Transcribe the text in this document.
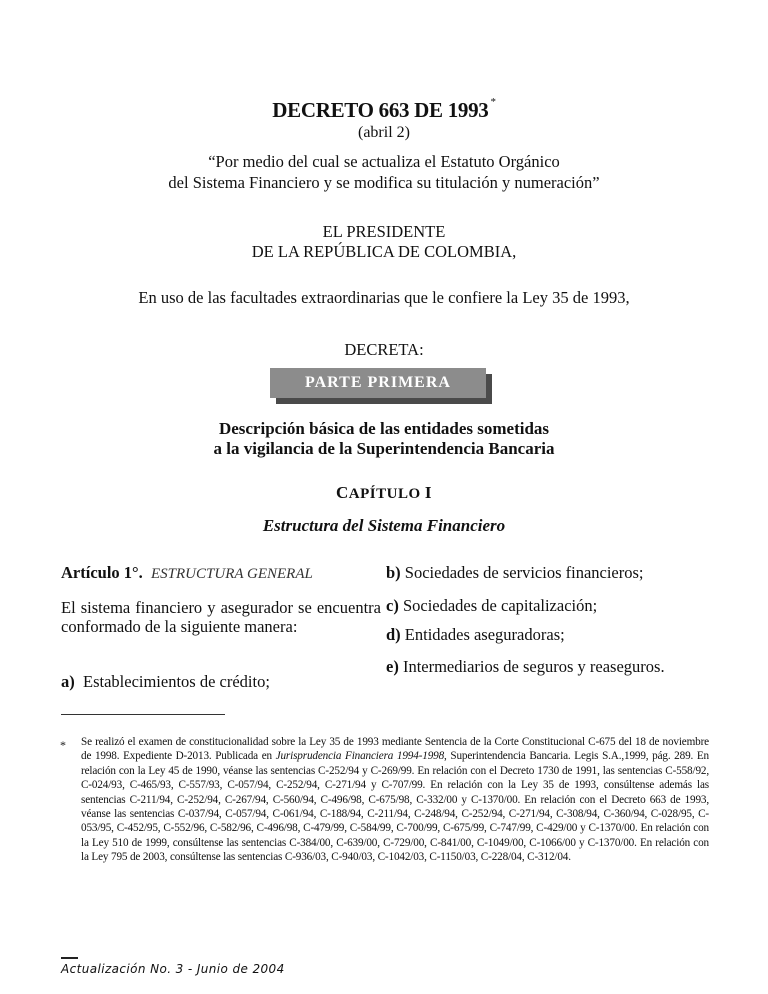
DECRETO 663 DE 1993 *
(abril 2)
“Por medio del cual se actualiza el Estatuto Orgánico
del Sistema Financiero y se modifica su titulación y numeración”
EL PRESIDENTE
DE LA REPÚBLICA DE COLOMBIA,
En uso de las facultades extraordinarias que le confiere la Ley 35 de 1993,
DECRETA:
PARTE PRIMERA
Descripción básica de las entidades sometidas
a la vigilancia de la Superintendencia Bancaria
CAPÍTULO I
Estructura del Sistema Financiero
Artículo 1°. ESTRUCTURA GENERAL
El sistema financiero y asegurador se encuentra conformado de la siguiente manera:
a) Establecimientos de crédito;
b) Sociedades de servicios financieros;
c) Sociedades de capitalización;
d) Entidades aseguradoras;
e) Intermediarios de seguros y reaseguros.
* Se realizó el examen de constitucionalidad sobre la Ley 35 de 1993 mediante Sentencia de la Corte Constitucional C-675 del 18 de noviembre de 1998. Expediente D-2013. Publicada en Jurisprudencia Financiera 1994-1998, Superintendencia Bancaria. Legis S.A.,1999, pág. 289. En relación con la Ley 45 de 1990, véanse las sentencias C-252/94 y C-269/99. En relación con el Decreto 1730 de 1991, las sentencias C-558/92, C-024/93, C-465/93, C-557/93, C-057/94, C-252/94, C-271/94 y C-707/99. En relación con la Ley 35 de 1993, consúltense además las sentencias C-211/94, C-252/94, C-267/94, C-560/94, C-496/98, C-675/98, C-332/00 y C-1370/00. En relación con el Decreto 663 de 1993, véanse las sentencias C-037/94, C-057/94, C-061/94, C-188/94, C-211/94, C-248/94, C-252/94, C-271/94, C-308/94, C-360/94, C-028/95, C-053/95, C-452/95, C-552/96, C-582/96, C-496/98, C-479/99, C-584/99, C-700/99, C-675/99, C-747/99, C-429/00 y C-1370/00. En relación con la Ley 510 de 1999, consúltense las sentencias C-384/00, C-639/00, C-729/00, C-841/00, C-1049/00, C-1066/00 y C-1370/00. En relación con la Ley 795 de 2003, consúltense las sentencias C-936/03, C-940/03, C-1042/03, C-1150/03, C-228/04, C-312/04.
Actualización No. 3 - Junio de 2004
